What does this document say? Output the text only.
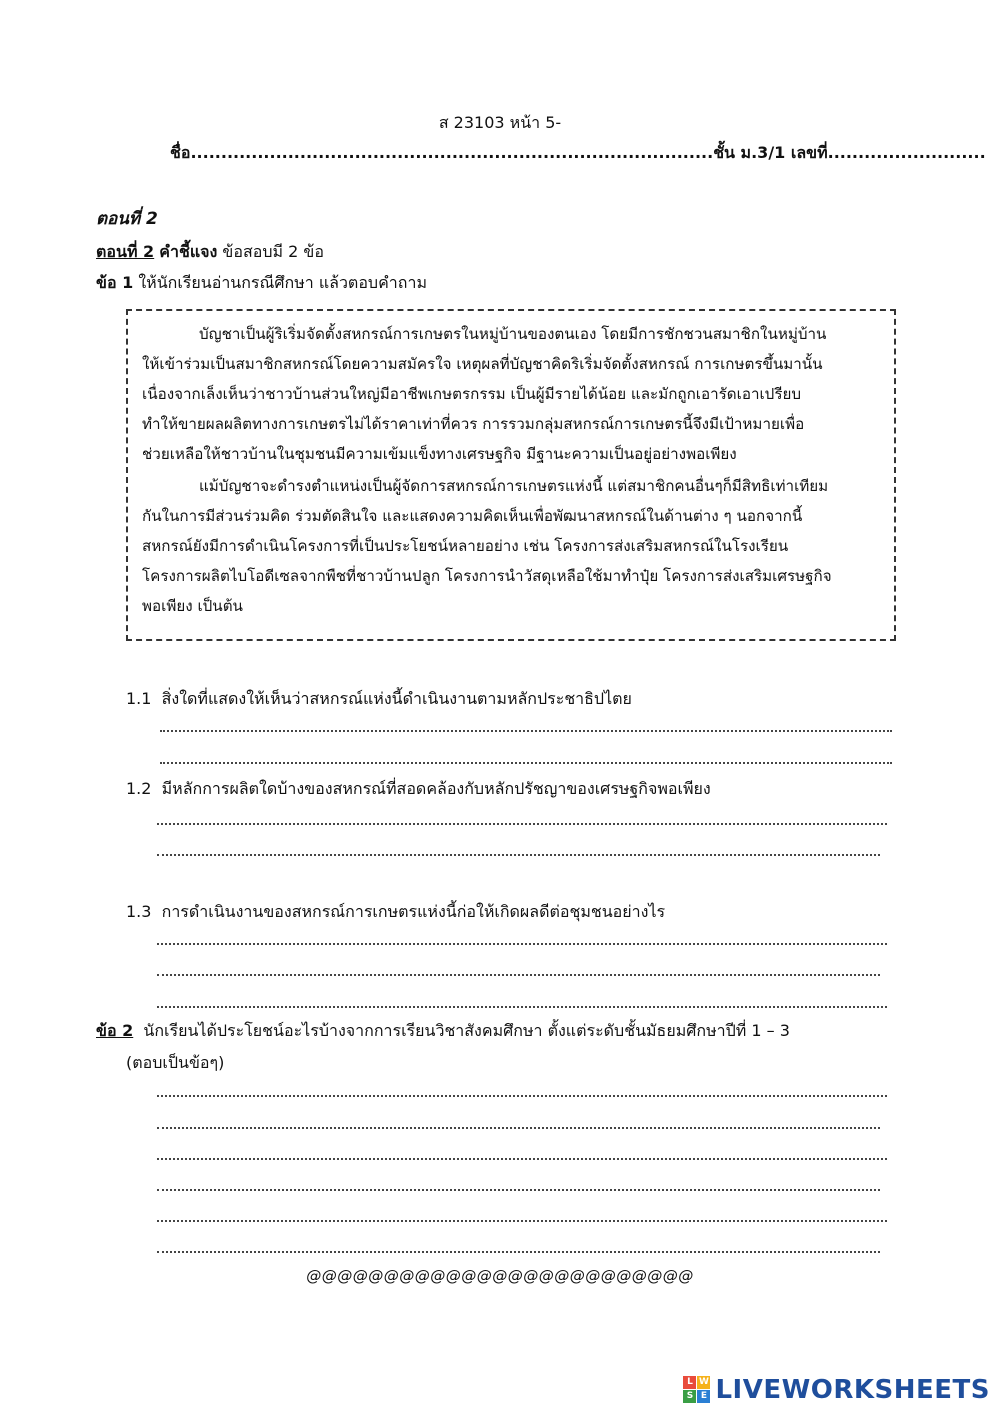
ส 23103 หน้า 5-
ชื่อ......................................................................................ชั้น ม.3/1 เลขที่..........................
ตอนที่ 2
ตอนที่ 2 คำชี้แจง ข้อสอบมี 2 ข้อ
ข้อ 1 ให้นักเรียนอ่านกรณีศึกษา แล้วตอบคำถาม
บัญชาเป็นผู้ริเริ่มจัดตั้งสหกรณ์การเกษตรในหมู่บ้านของตนเอง โดยมีการชักชวนสมาชิกในหมู่บ้าน
ให้เข้าร่วมเป็นสมาชิกสหกรณ์โดยความสมัครใจ เหตุผลที่บัญชาคิดริเริ่มจัดตั้งสหกรณ์ การเกษตรขึ้นมานั้น
เนื่องจากเล็งเห็นว่าชาวบ้านส่วนใหญ่มีอาชีพเกษตรกรรม เป็นผู้มีรายได้น้อย และมักถูกเอารัดเอาเปรียบ
ทำให้ขายผลผลิตทางการเกษตรไม่ได้ราคาเท่าที่ควร การรวมกลุ่มสหกรณ์การเกษตรนี้จึงมีเป้าหมายเพื่อ
ช่วยเหลือให้ชาวบ้านในชุมชนมีความเข้มแข็งทางเศรษฐกิจ มีฐานะความเป็นอยู่อย่างพอเพียง
แม้บัญชาจะดำรงตำแหน่งเป็นผู้จัดการสหกรณ์การเกษตรแห่งนี้ แต่สมาชิกคนอื่นๆก็มีสิทธิเท่าเทียม
กันในการมีส่วนร่วมคิด ร่วมตัดสินใจ และแสดงความคิดเห็นเพื่อพัฒนาสหกรณ์ในด้านต่าง ๆ นอกจากนี้
สหกรณ์ยังมีการดำเนินโครงการที่เป็นประโยชน์หลายอย่าง เช่น โครงการส่งเสริมสหกรณ์ในโรงเรียน
โครงการผลิตไบโอดีเซลจากพืชที่ชาวบ้านปลูก โครงการนำวัสดุเหลือใช้มาทำปุ๋ย โครงการส่งเสริมเศรษฐกิจ
พอเพียง เป็นต้น
1.1 สิ่งใดที่แสดงให้เห็นว่าสหกรณ์แห่งนี้ดำเนินงานตามหลักประชาธิปไตย
1.2 มีหลักการผลิตใดบ้างของสหกรณ์ที่สอดคล้องกับหลักปรัชญาของเศรษฐกิจพอเพียง
1.3 การดำเนินงานของสหกรณ์การเกษตรแห่งนี้ก่อให้เกิดผลดีต่อชุมชนอย่างไร
ข้อ 2 นักเรียนได้ประโยชน์อะไรบ้างจากการเรียนวิชาสังคมศึกษา ตั้งแต่ระดับชั้นมัธยมศึกษาปีที่ 1 – 3
(ตอบเป็นข้อๆ)
@@@@@@@@@@@@@@@@@@@@@@@@@
L W
S E LIVEWORKSHEETS
